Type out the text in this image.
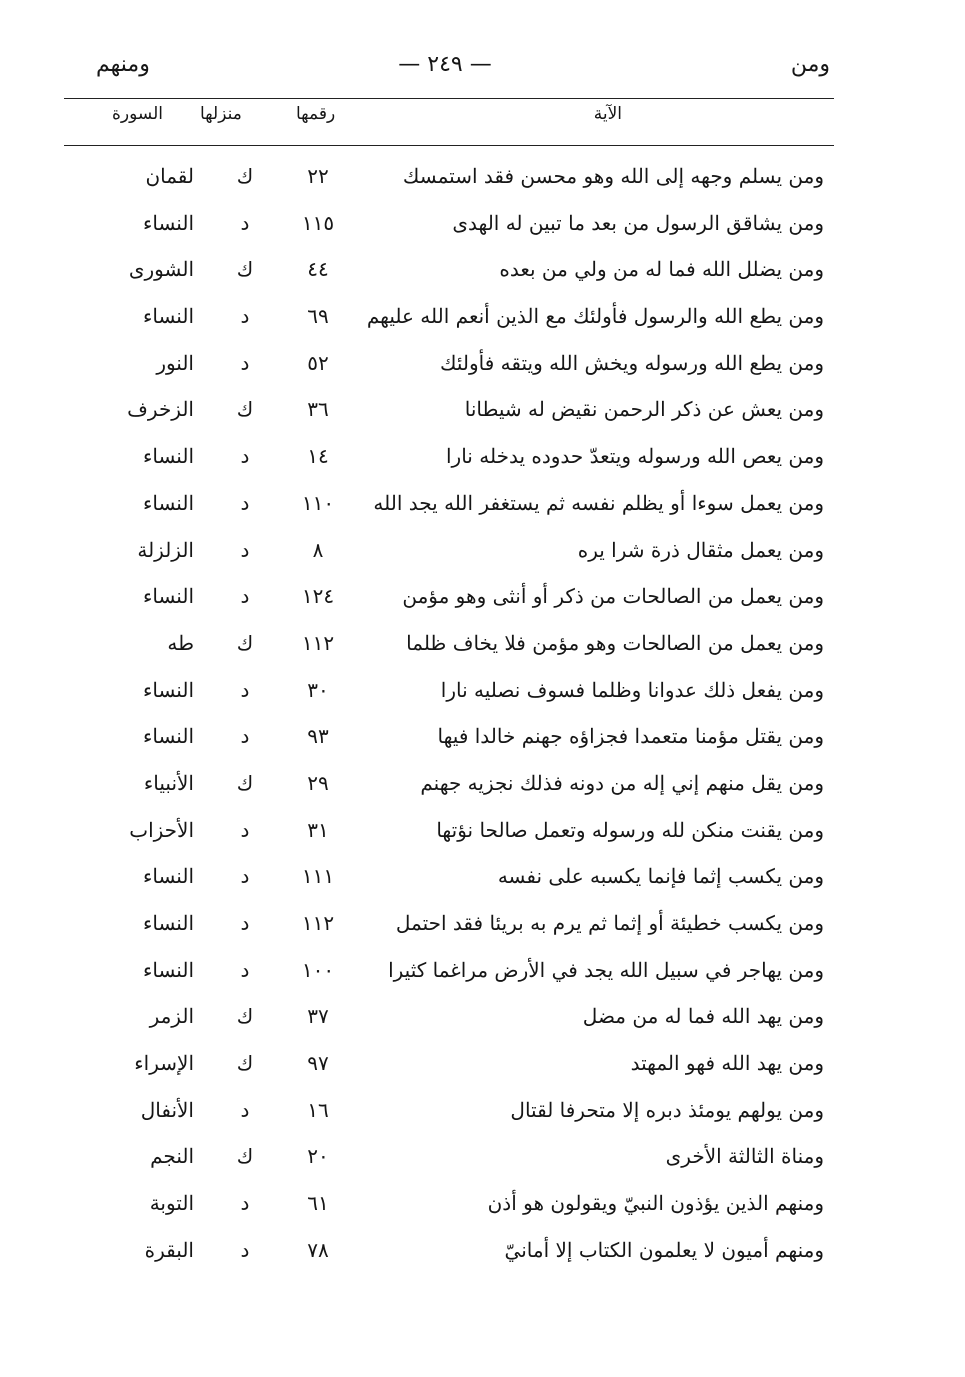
ومن
— ٢٤٩ —
ومنهم
الآية
رقمها
منزلها
السورة
ومن يسلم وجهه إلى الله وهو محسن فقد استمسك
٢٢
ك
لقمان
ومن يشاقق الرسول من بعد ما تبين له الهدى
١١٥
د
النساء
ومن يضلل الله فما له من ولي من بعده
٤٤
ك
الشورى
ومن يطع الله والرسول فأولئك مع الذين أنعم الله عليهم
٦٩
د
النساء
ومن يطع الله ورسوله ويخش الله ويتقه فأولئك
٥٢
د
النور
ومن يعش عن ذكر الرحمن نقيض له شيطانا
٣٦
ك
الزخرف
ومن يعص الله ورسوله ويتعدّ حدوده يدخله نارا
١٤
د
النساء
ومن يعمل سوءا أو يظلم نفسه ثم يستغفر الله يجد الله
١١٠
د
النساء
ومن يعمل مثقال ذرة شرا يره
٨
د
الزلزلة
ومن يعمل من الصالحات من ذكر أو أنثى وهو مؤمن
١٢٤
د
النساء
ومن يعمل من الصالحات وهو مؤمن فلا يخاف ظلما
١١٢
ك
طه
ومن يفعل ذلك عدوانا وظلما فسوف نصليه نارا
٣٠
د
النساء
ومن يقتل مؤمنا متعمدا فجزاؤه جهنم خالدا فيها
٩٣
د
النساء
ومن يقل منهم إني إله من دونه فذلك نجزيه جهنم
٢٩
ك
الأنبياء
ومن يقنت منكن لله ورسوله وتعمل صالحا نؤتها
٣١
د
الأحزاب
ومن يكسب إثما فإنما يكسبه على نفسه
١١١
د
النساء
ومن يكسب خطيئة أو إثما ثم يرم به بريئا فقد احتمل
١١٢
د
النساء
ومن يهاجر في سبيل الله يجد في الأرض مراغما كثيرا
١٠٠
د
النساء
ومن يهد الله فما له من مضل
٣٧
ك
الزمر
ومن يهد الله فهو المهتد
٩٧
ك
الإسراء
ومن يولهم يومئذ دبره إلا متحرفا لقتال
١٦
د
الأنفال
ومناة الثالثة الأخرى
٢٠
ك
النجم
ومنهم الذين يؤذون النبيّ ويقولون هو أذن
٦١
د
التوبة
ومنهم أميون لا يعلمون الكتاب إلا أمانيّ
٧٨
د
البقرة
